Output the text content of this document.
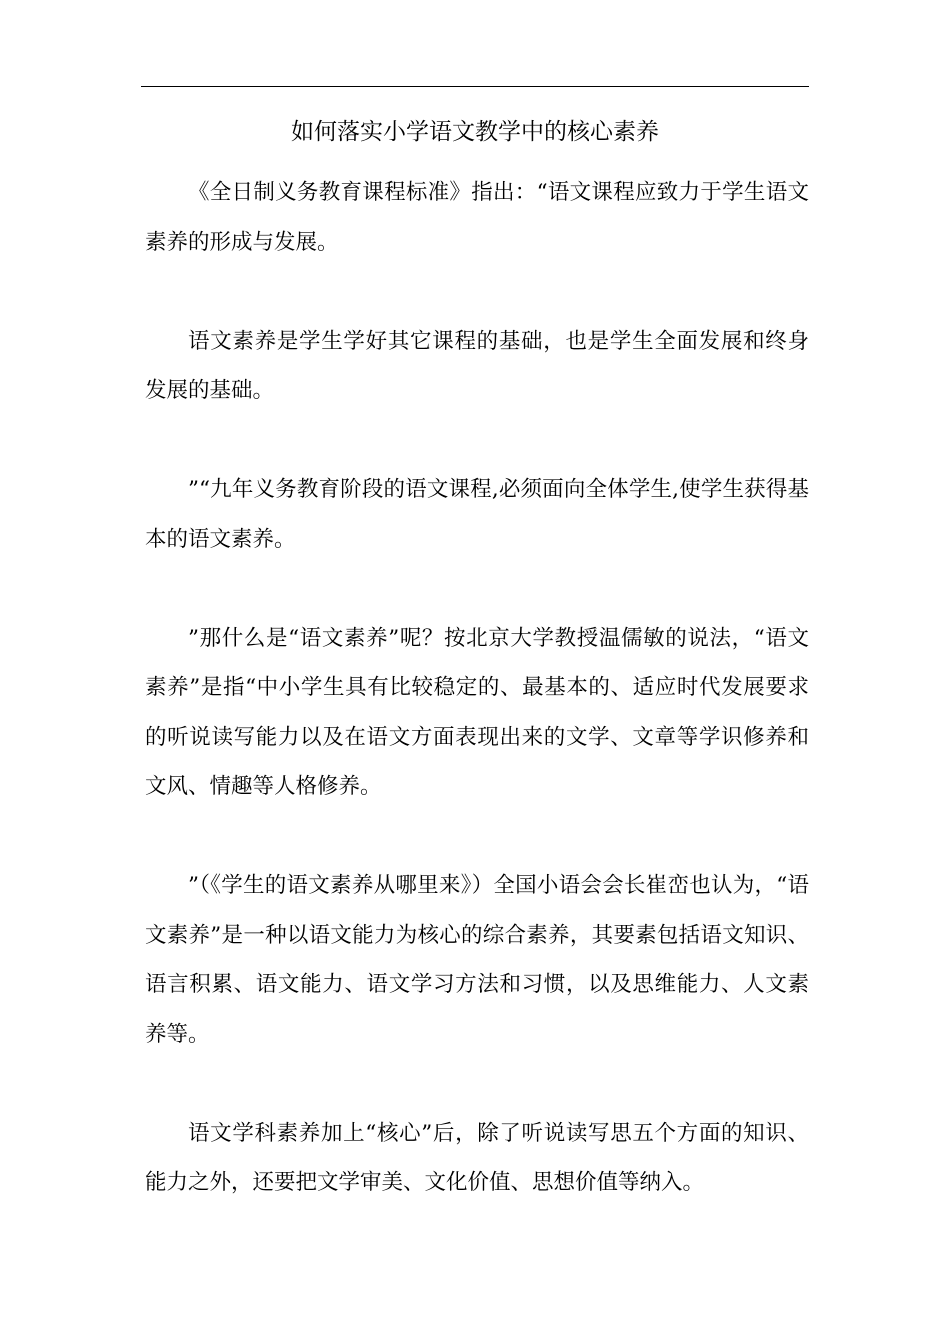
如何落实小学语文教学中的核心素养

《全日制义务教育课程标准》指出：“语文课程应致力于学生语文素养的形成与发展。

语文素养是学生学好其它课程的基础，也是学生全面发展和终身发展的基础。

”“九年义务教育阶段的语文课程,必须面向全体学生,使学生获得基本的语文素养。

”那什么是“语文素养”呢？按北京大学教授温儒敏的说法，“语文素养”是指“中小学生具有比较稳定的、最基本的、适应时代发展要求的听说读写能力以及在语文方面表现出来的文学、文章等学识修养和文风、情趣等人格修养。

”（《学生的语文素养从哪里来》）全国小语会会长崔峦也认为，“语文素养”是一种以语文能力为核心的综合素养，其要素包括语文知识、语言积累、语文能力、语文学习方法和习惯，以及思维能力、人文素养等。

语文学科素养加上“核心”后，除了听说读写思五个方面的知识、能力之外，还要把文学审美、文化价值、思想价值等纳入。
